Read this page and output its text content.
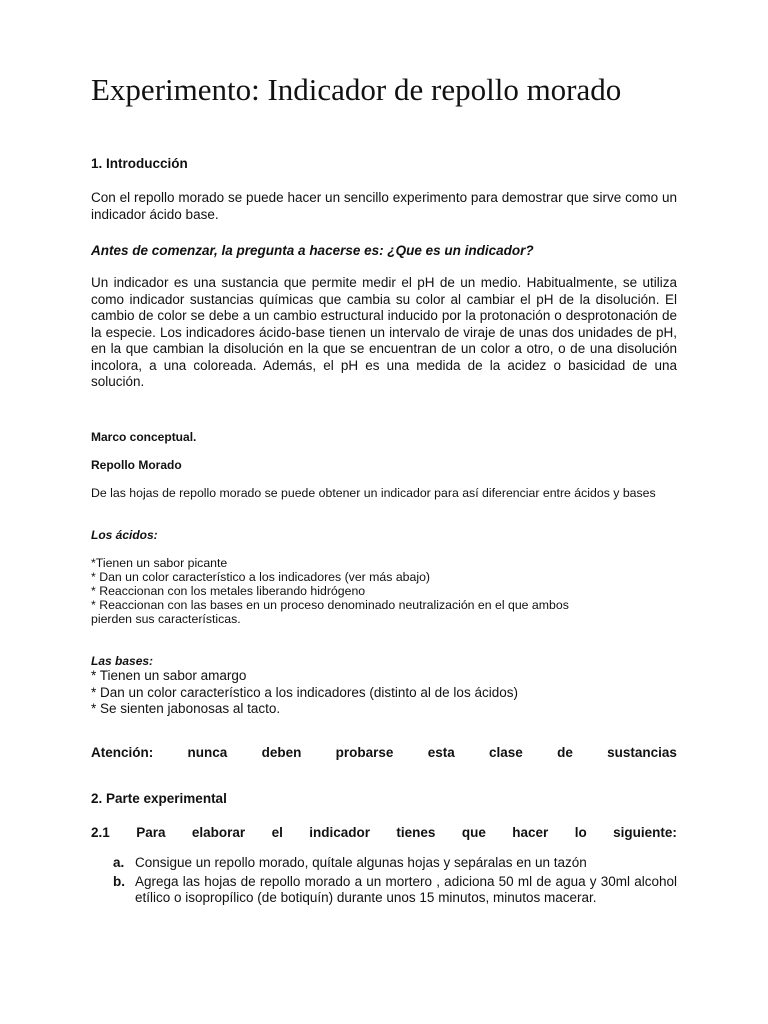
Experimento: Indicador de repollo morado
1. Introducción
Con el repollo morado se puede hacer un sencillo experimento para demostrar que sirve como un indicador ácido base.
Antes de comenzar, la pregunta a hacerse es: ¿Que es un indicador?
Un indicador es una sustancia que permite medir el pH de un medio. Habitualmente, se utiliza como indicador sustancias químicas que cambia su color al cambiar el pH de la disolución. El cambio de color se debe a un cambio estructural inducido por la protonación o desprotonación de la especie. Los indicadores ácido-base tienen un intervalo de viraje de unas dos unidades de pH, en la que cambian la disolución en la que se encuentran de un color a otro, o de una disolución incolora, a una coloreada. Además, el pH es una medida de la acidez o basicidad de una solución.
Marco conceptual.
Repollo Morado
De las hojas de repollo morado se puede obtener un indicador para así diferenciar entre ácidos y bases
Los ácidos:
*Tienen un sabor picante
* Dan un color característico a los indicadores (ver más abajo)
* Reaccionan con los metales liberando hidrógeno
* Reaccionan con las bases en un proceso denominado neutralización en el que ambos
pierden sus características.
Las bases:
* Tienen un sabor amargo
* Dan un color característico a los indicadores (distinto al de los ácidos)
* Se sienten jabonosas al tacto.
Atención:	nunca	deben	probarse	esta	clase	de	sustancias
2. Parte experimental
2.1 Para elaborar el indicador tienes que hacer lo siguiente:
a. Consigue un repollo morado, quítale algunas hojas y sepáralas en un tazón
b. Agrega las hojas de repollo morado a un mortero , adiciona 50 ml de agua y 30ml alcohol etílico o isopropílico (de botiquín) durante unos 15 minutos, minutos macerar.
